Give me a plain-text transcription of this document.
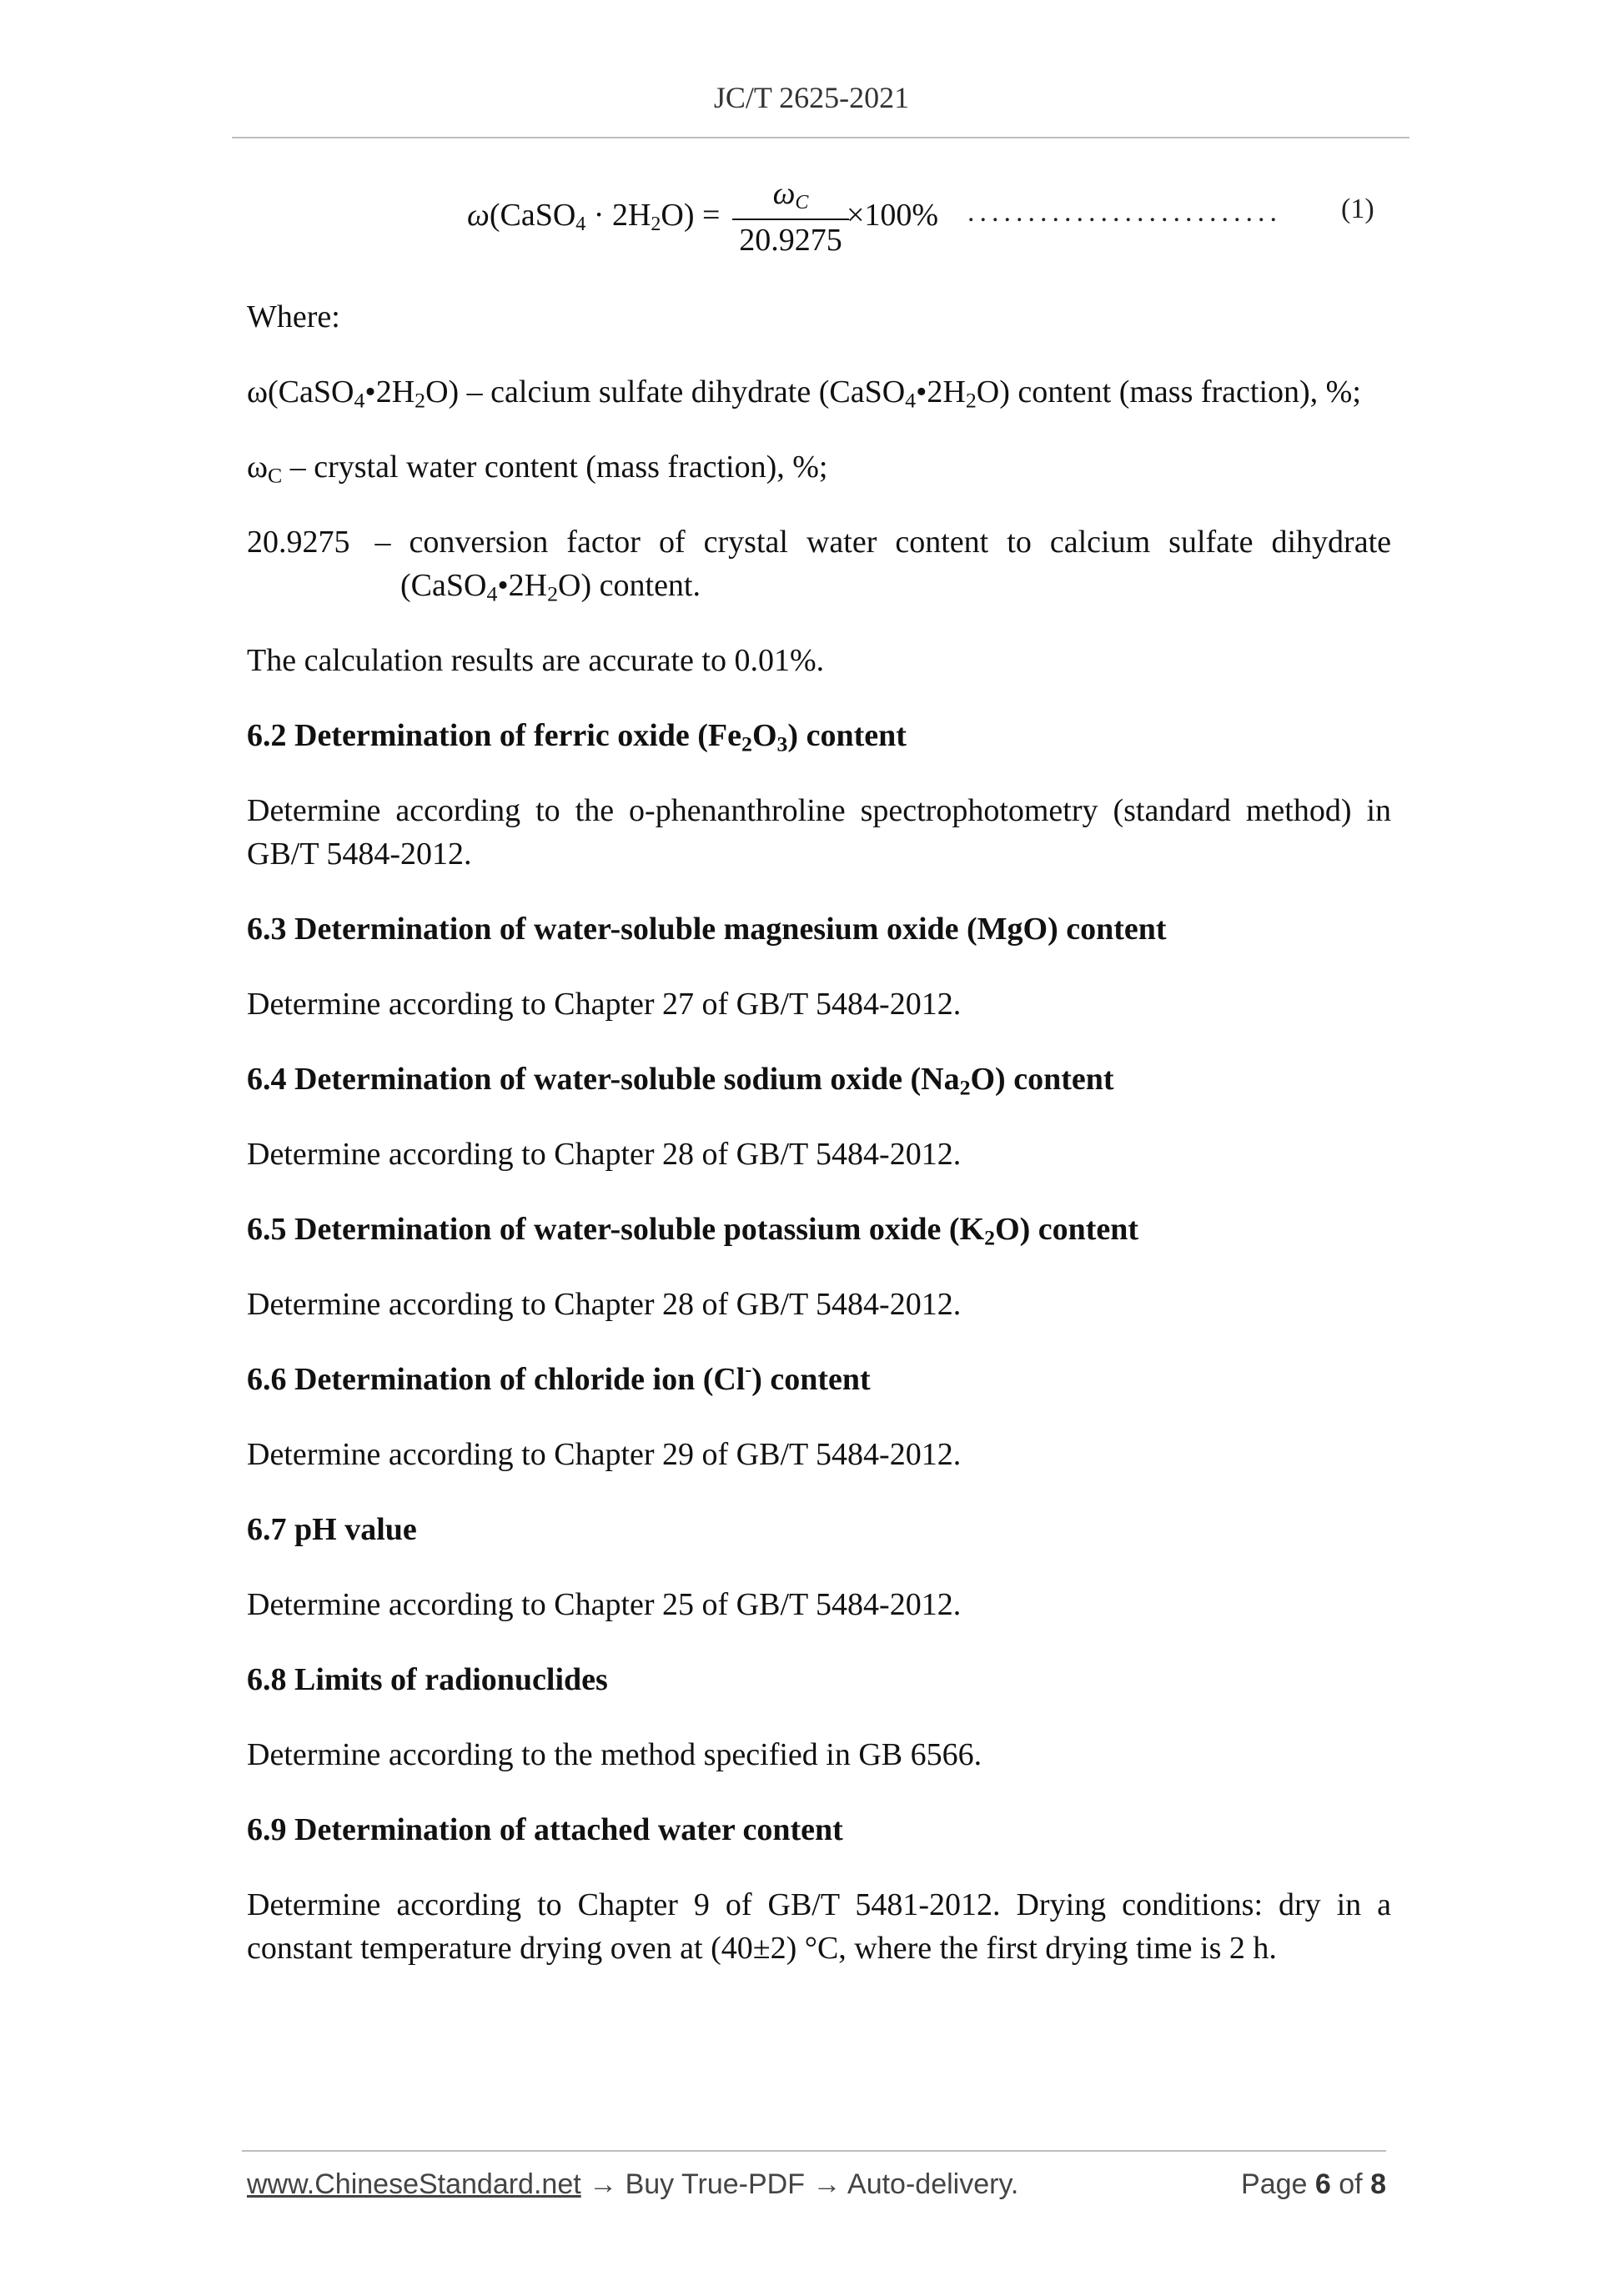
JC/T 2625-2021
ω(CaSO$_4$ · $2H_2O$) =
$\omega_C$
20.9275
×100% .......................... (1)
Where:
$\omega(CaSO_4•2H_2O)$ – calcium sulfate dihydrate $(CaSO_4•2H_2O)$ content (mass fraction), %;
$\omega_C$ – crystal water content (mass fraction), %;
20.9275 – conversion factor of crystal water content to calcium sulfate dihydrate
$(CaSO_4•2H_2O)$ content.
The calculation results are accurate to 0.01%.
6.2 Determination of ferric oxide $(Fe_2O_3)$ content
Determine according to the o-phenanthroline spectrophotometry (standard method) in GB/T 5484-2012.
6.3 Determination of water-soluble magnesium oxide (MgO) content
Determine according to Chapter 27 of GB/T 5484-2012.
6.4 Determination of water-soluble sodium oxide $(Na_2O)$ content
Determine according to Chapter 28 of GB/T 5484-2012.
6.5 Determination of water-soluble potassium oxide $(K_2O)$ content
Determine according to Chapter 28 of GB/T 5484-2012.
6.6 Determination of chloride ion (Cl-) content
Determine according to Chapter 29 of GB/T 5484-2012.
6.7 pH value
Determine according to Chapter 25 of GB/T 5484-2012.
6.8 Limits of radionuclides
Determine according to the method specified in GB 6566.
6.9 Determination of attached water content
Determine according to Chapter 9 of GB/T 5481-2012. Drying conditions: dry in a constant temperature drying oven at (40±2) °C, where the first drying time is 2 h.
www.ChineseStandard.net → Buy True-PDF → Auto-delivery.	Page 6 of 8
